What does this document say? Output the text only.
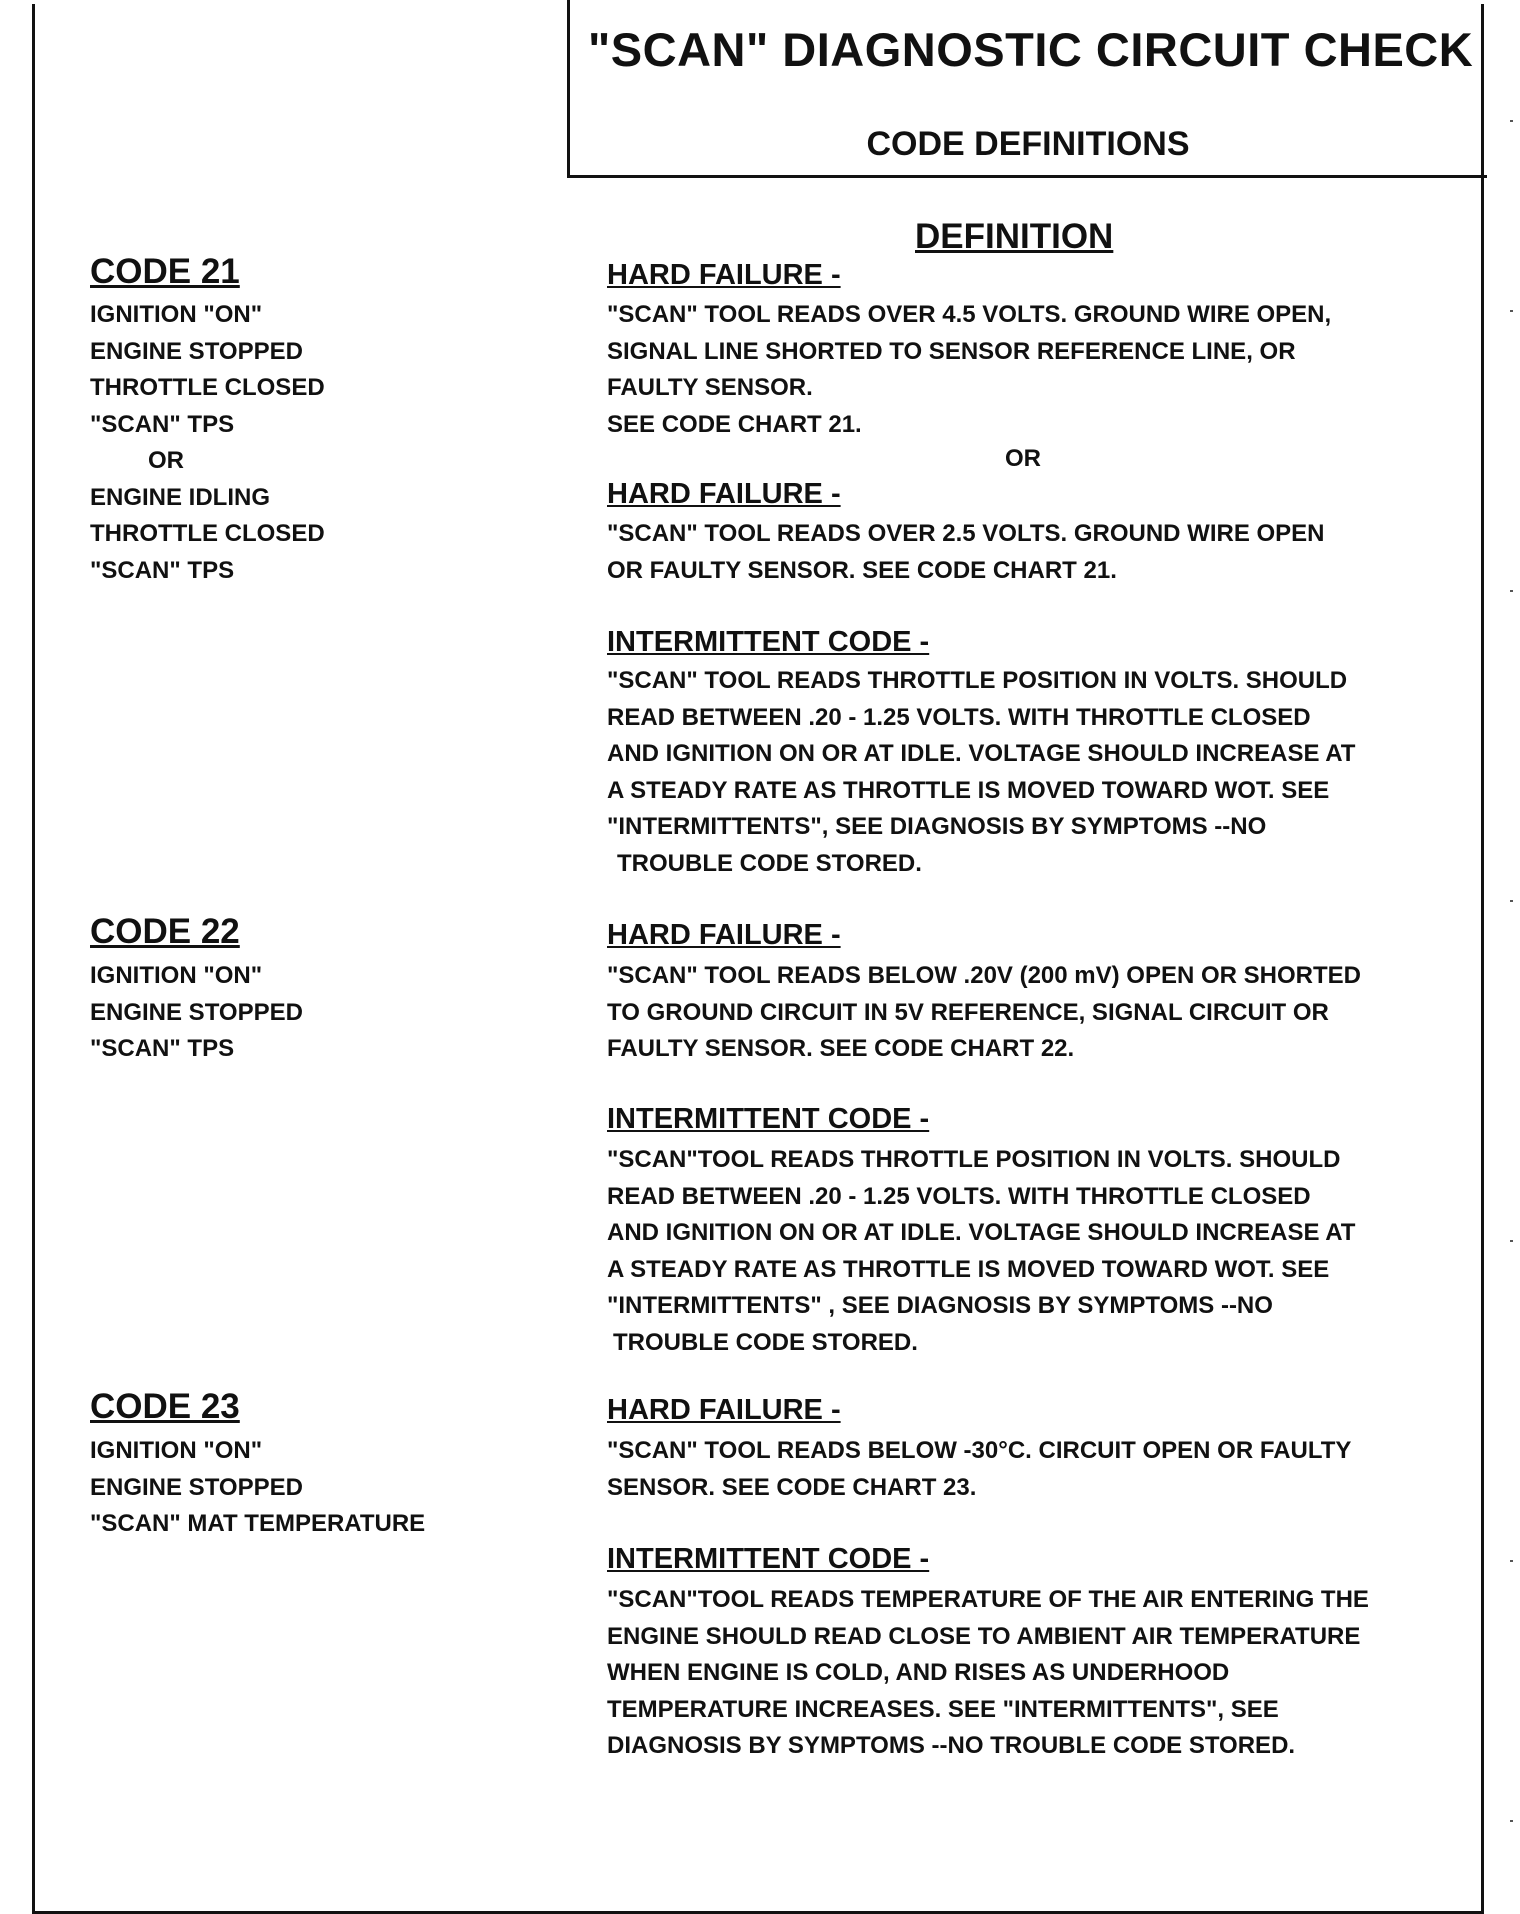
"SCAN" DIAGNOSTIC CIRCUIT CHECK
CODE DEFINITIONS
DEFINITION
CODE 21
IGNITION "ON"
ENGINE STOPPED
THROTTLE CLOSED
"SCAN" TPS
OR
ENGINE IDLING
THROTTLE CLOSED
"SCAN" TPS
HARD FAILURE -
"SCAN" TOOL READS OVER 4.5 VOLTS. GROUND WIRE OPEN,
SIGNAL LINE SHORTED TO SENSOR REFERENCE LINE, OR
FAULTY SENSOR.
SEE CODE CHART 21.
OR
HARD FAILURE -
"SCAN" TOOL READS OVER 2.5 VOLTS. GROUND WIRE OPEN
OR FAULTY SENSOR. SEE CODE CHART 21.
INTERMITTENT CODE -
"SCAN" TOOL READS THROTTLE POSITION IN VOLTS. SHOULD
READ BETWEEN .20 - 1.25 VOLTS. WITH THROTTLE CLOSED
AND IGNITION ON OR AT IDLE. VOLTAGE SHOULD INCREASE AT
A STEADY RATE AS THROTTLE IS MOVED TOWARD WOT. SEE
"INTERMITTENTS", SEE DIAGNOSIS BY SYMPTOMS --NO
TROUBLE CODE STORED.
CODE 22
IGNITION "ON"
ENGINE STOPPED
"SCAN" TPS
HARD FAILURE -
"SCAN" TOOL READS BELOW .20V (200 mV) OPEN OR SHORTED
TO GROUND CIRCUIT IN 5V REFERENCE, SIGNAL CIRCUIT OR
FAULTY SENSOR. SEE CODE CHART 22.
INTERMITTENT CODE -
"SCAN"TOOL READS THROTTLE POSITION IN VOLTS. SHOULD
READ BETWEEN .20 - 1.25 VOLTS. WITH THROTTLE CLOSED
AND IGNITION ON OR AT IDLE. VOLTAGE SHOULD INCREASE AT
A STEADY RATE AS THROTTLE IS MOVED TOWARD WOT. SEE
"INTERMITTENTS" , SEE DIAGNOSIS BY SYMPTOMS --NO
TROUBLE CODE STORED.
CODE 23
IGNITION "ON"
ENGINE STOPPED
"SCAN" MAT TEMPERATURE
HARD FAILURE -
"SCAN" TOOL READS BELOW -30°C. CIRCUIT OPEN OR FAULTY
SENSOR. SEE CODE CHART 23.
INTERMITTENT CODE -
"SCAN"TOOL READS TEMPERATURE OF THE AIR ENTERING THE
ENGINE SHOULD READ CLOSE TO AMBIENT AIR TEMPERATURE
WHEN ENGINE IS COLD, AND RISES AS UNDERHOOD
TEMPERATURE INCREASES. SEE "INTERMITTENTS", SEE
DIAGNOSIS BY SYMPTOMS --NO TROUBLE CODE STORED.
